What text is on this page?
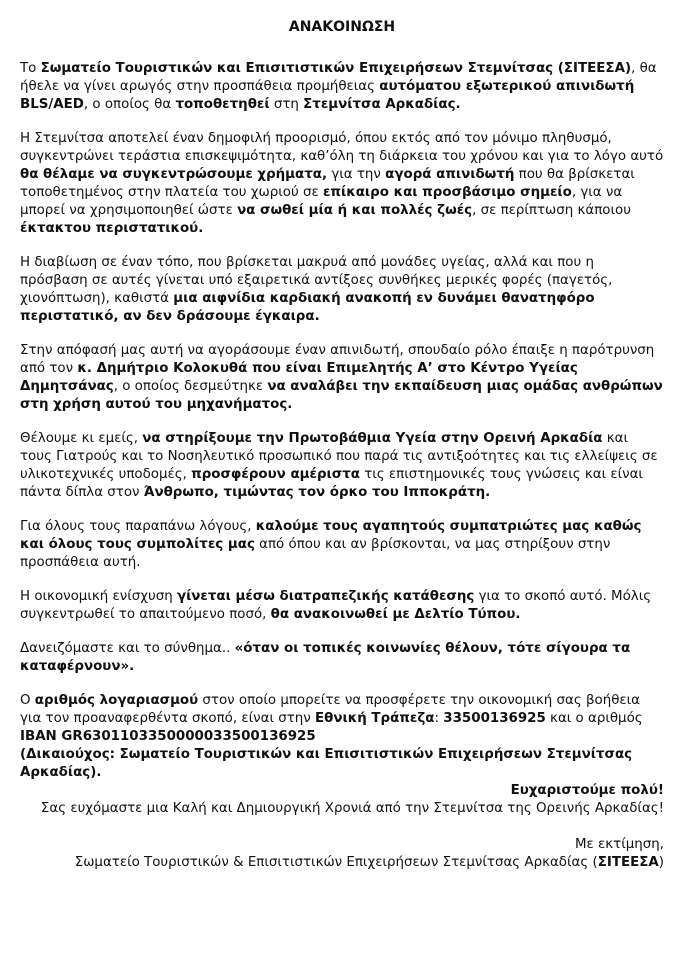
ΑΝΑΚΟΙΝΩΣΗ

Το Σωματείο Τουριστικών και Επισιτιστικών Επιχειρήσεων Στεμνίτσας (ΣΙΤΕΕΣΑ), θα ήθελε να γίνει αρωγός στην προσπάθεια προμήθειας αυτόματου εξωτερικού απινιδωτή BLS/AED, ο οποίος θα τοποθετηθεί στη Στεμνίτσα Αρκαδίας.

Η Στεμνίτσα αποτελεί έναν δημοφιλή προορισμό, όπου εκτός από τον μόνιμο πληθυσμό, συγκεντρώνει τεράστια επισκεψιμότητα, καθ’όλη τη διάρκεια του χρόνου και για το λόγο αυτό θα θέλαμε να συγκεντρώσουμε χρήματα, για την αγορά απινιδωτή που θα βρίσκεται τοποθετημένος στην πλατεία του χωριού σε επίκαιρο και προσβάσιμο σημείο, για να μπορεί να χρησιμοποιηθεί ώστε να σωθεί μία ή και πολλές ζωές, σε περίπτωση κάποιου έκτακτου περιστατικού.

Η διαβίωση σε έναν τόπο, που βρίσκεται μακρυά από μονάδες υγείας, αλλά και που η πρόσβαση σε αυτές γίνεται υπό εξαιρετικά αντίξοες συνθήκες μερικές φορές (παγετός, χιονόπτωση), καθιστά μια αιφνίδια καρδιακή ανακοπή εν δυνάμει θανατηφόρο περιστατικό, αν δεν δράσουμε έγκαιρα.

Στην απόφασή μας αυτή να αγοράσουμε έναν απινιδωτή, σπουδαίο ρόλο έπαιξε η παρότρυνση από τον κ. Δημήτριο Κολοκυθά που είναι Επιμελητής Α’ στο Κέντρο Υγείας Δημητσάνας, ο οποίος δεσμεύτηκε να αναλάβει την εκπαίδευση μιας ομάδας ανθρώπων στη χρήση αυτού του μηχανήματος.

Θέλουμε κι εμείς, να στηρίξουμε την Πρωτοβάθμια Υγεία στην Ορεινή Αρκαδία και τους Γιατρούς και το Νοσηλευτικό προσωπικό που παρά τις αντιξοότητες και τις ελλείψεις σε υλικοτεχνικές υποδομές, προσφέρουν αμέριστα τις επιστημονικές τους γνώσεις και είναι πάντα δίπλα στον Άνθρωπο, τιμώντας τον όρκο του Ιπποκράτη.

Για όλους τους παραπάνω λόγους, καλούμε τους αγαπητούς συμπατριώτες μας καθώς και όλους τους συμπολίτες μας από όπου και αν βρίσκονται, να μας στηρίξουν στην προσπάθεια αυτή.

Η οικονομική ενίσχυση γίνεται μέσω διατραπεζικής κατάθεσης για το σκοπό αυτό. Μόλις συγκεντρωθεί το απαιτούμενο ποσό, θα ανακοινωθεί με Δελτίο Τύπου.

Δανειζόμαστε και το σύνθημα.. «όταν οι τοπικές κοινωνίες θέλουν, τότε σίγουρα τα καταφέρνουν».

Ο αριθμός λογαριασμού στον οποίο μπορείτε να προσφέρετε την οικονομική σας βοήθεια για τον προαναφερθέντα σκοπό, είναι στην Εθνική Τράπεζα: 33500136925 και ο αριθμός IBAN GR6301103350000033500136925
(Δικαιούχος: Σωματείο Τουριστικών και Επισιτιστικών Επιχειρήσεων Στεμνίτσας Αρκαδίας).

Ευχαριστούμε πολύ!
Σας ευχόμαστε μια Καλή και Δημιουργική Χρονιά από την Στεμνίτσα της Ορεινής Αρκαδίας!
Με εκτίμηση,
Σωματείο Τουριστικών & Επισιτιστικών Επιχειρήσεων Στεμνίτσας Αρκαδίας (ΣΙΤΕΕΣΑ)
